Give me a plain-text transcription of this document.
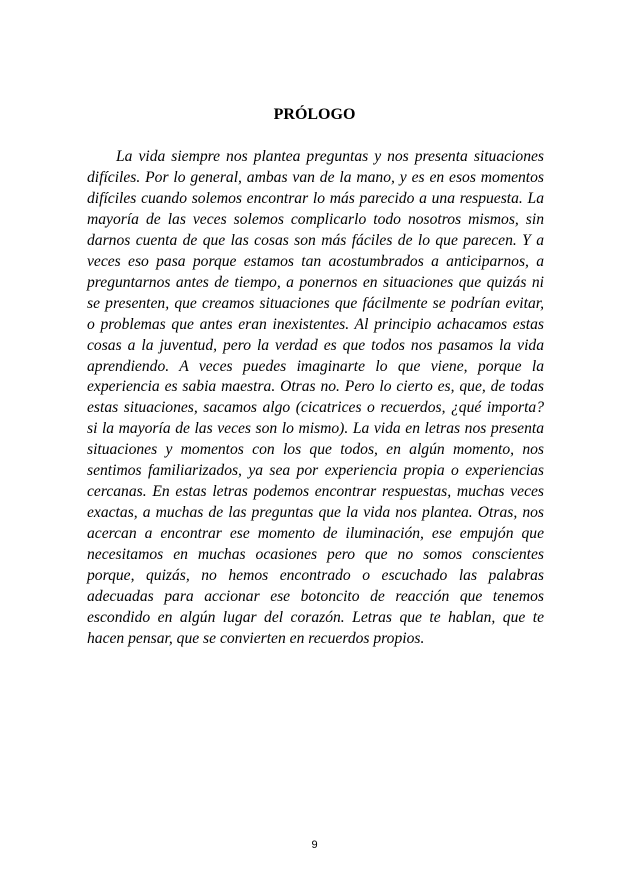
PRÓLOGO

La vida siempre nos plantea preguntas y nos presenta situaciones difíciles. Por lo general, ambas van de la mano, y es en esos momentos difíciles cuando solemos encontrar lo más parecido a una respuesta. La mayoría de las veces solemos complicarlo todo nosotros mismos, sin darnos cuenta de que las cosas son más fáciles de lo que parecen. Y a veces eso pasa porque estamos tan acostumbrados a anticiparnos, a preguntarnos antes de tiempo, a ponernos en situaciones que quizás ni se presenten, que creamos situaciones que fácilmente se podrían evitar, o problemas que antes eran inexistentes. Al principio achacamos estas cosas a la juventud, pero la verdad es que todos nos pasamos la vida aprendiendo. A veces puedes imaginarte lo que viene, porque la experiencia es sabia maestra. Otras no. Pero lo cierto es, que, de todas estas situaciones, sacamos algo (cicatrices o recuerdos, ¿qué importa? si la mayoría de las veces son lo mismo). La vida en letras nos presenta situaciones y momentos con los que todos, en algún momento, nos sentimos familiarizados, ya sea por experiencia propia o experiencias cercanas. En estas letras podemos encontrar respuestas, muchas veces exactas, a muchas de las preguntas que la vida nos plantea. Otras, nos acercan a encontrar ese momento de iluminación, ese empujón que necesitamos en muchas ocasiones pero que no somos conscientes porque, quizás, no hemos encontrado o escuchado las palabras adecuadas para accionar ese botoncito de reacción que tenemos escondido en algún lugar del corazón. Letras que te hablan, que te hacen pensar, que se convierten en recuerdos propios.

9
